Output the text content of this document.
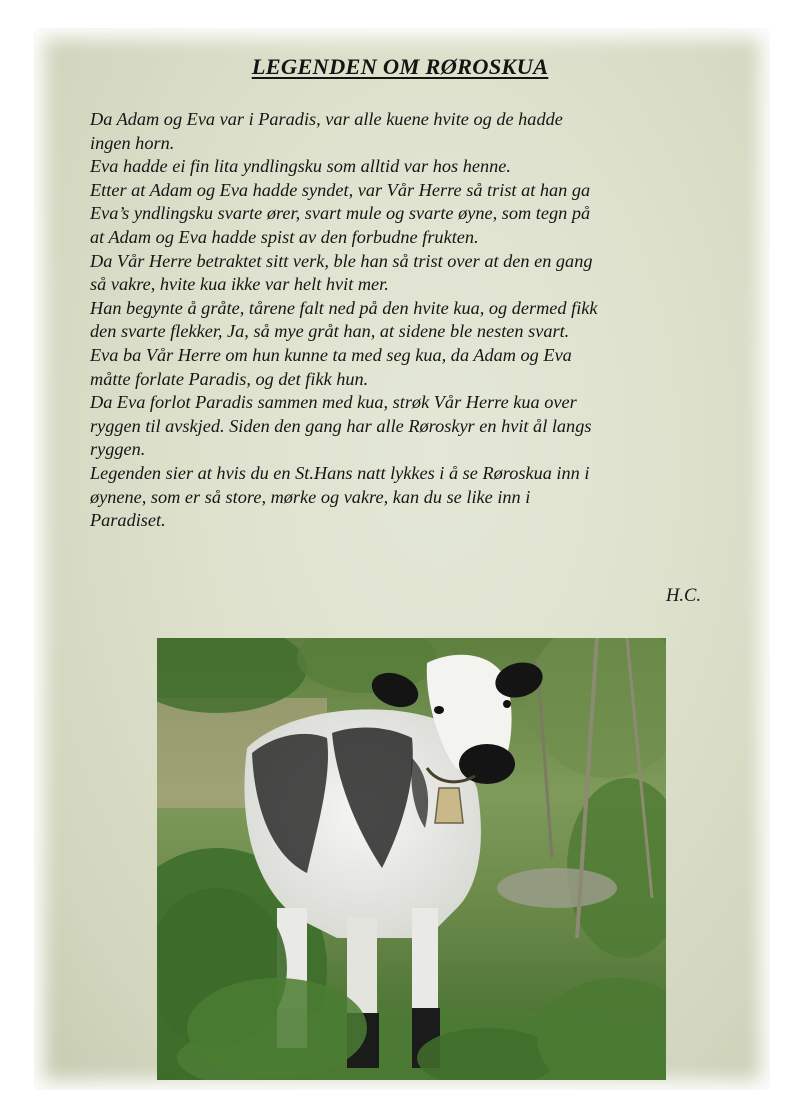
LEGENDEN OM RØROSKUA
Da Adam og Eva var i Paradis, var alle kuene hvite og de hadde
ingen horn.
Eva hadde ei fin lita yndlingsku som alltid var hos henne.
Etter at Adam og Eva hadde syndet, var Vår Herre så trist at han ga
Eva’s yndlingsku svarte ører, svart mule og svarte øyne, som tegn på
at Adam og Eva hadde spist av den forbudne frukten.
Da Vår Herre betraktet sitt verk, ble han så trist over at den en gang
så vakre, hvite kua ikke var helt hvit mer.
Han begynte å gråte, tårene falt ned på den hvite kua, og dermed fikk
den svarte flekker, Ja, så mye gråt han, at sidene ble nesten svart.
Eva ba Vår Herre om hun kunne ta med seg kua, da Adam og Eva
måtte forlate Paradis, og det fikk hun.
Da Eva forlot Paradis sammen med kua, strøk Vår Herre kua over
ryggen til avskjed. Siden den gang har alle Røroskyr en hvit ål langs
ryggen.
Legenden sier at hvis du en St.Hans natt lykkes i å se Røroskua inn i
øynene, som er så store, mørke og vakre, kan du se like inn i
Paradiset.
H.C.
